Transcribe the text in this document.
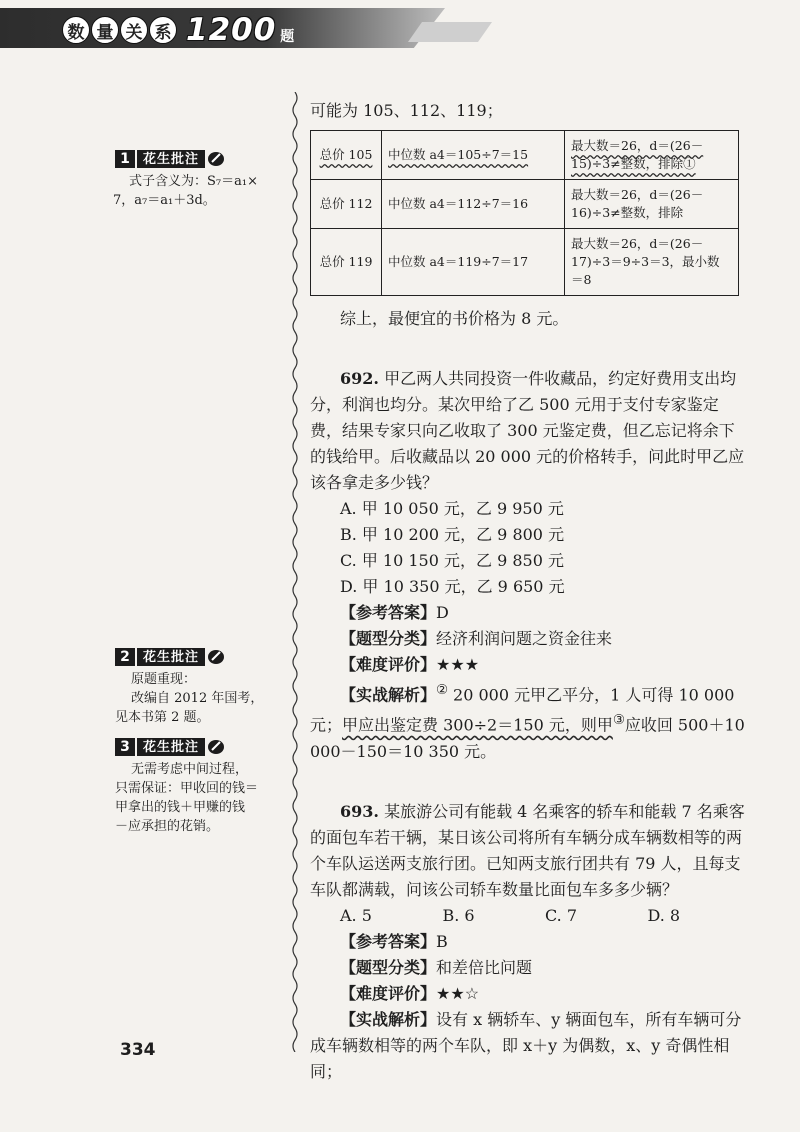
数 量 关 系 1200 题
1	花生批注
式子含义为：S₇＝a₁×
7，a₇＝a₁＋3d。
2	花生批注
原题重现：
改编自 2012 年国考，
见本书第 2 题。
3	花生批注
无需考虑中间过程，
只需保证：甲收回的钱＝
甲拿出的钱＋甲赚的钱
－应承担的花销。
可能为 105、112、119；
总价 105	中位数 a4＝105÷7＝15	最大数＝26，d＝(26－15)÷3≠整数，排除①
总价 112	中位数 a4＝112÷7＝16	最大数＝26，d＝(26－16)÷3≠整数，排除
总价 119	中位数 a4＝119÷7＝17	最大数＝26，d＝(26－17)÷3＝9÷3＝3，最小数＝8
综上，最便宜的书价格为 8 元。
692. 甲乙两人共同投资一件收藏品，约定好费用支出均分，利润也均分。某次甲给了乙 500 元用于支付专家鉴定费，结果专家只向乙收取了 300 元鉴定费，但乙忘记将余下的钱给甲。后收藏品以 20 000 元的价格转手，问此时甲乙应该各拿走多少钱？
A. 甲 10 050 元，乙 9 950 元
B. 甲 10 200 元，乙 9 800 元
C. 甲 10 150 元，乙 9 850 元
D. 甲 10 350 元，乙 9 650 元
【参考答案】D
【题型分类】经济利润问题之资金往来
【难度评价】★★★
【实战解析】② 20 000 元甲乙平分，1 人可得 10 000 元；甲应出鉴定费 300÷2＝150 元，则甲③应收回 500＋10 000－150＝10 350 元。
693. 某旅游公司有能载 4 名乘客的轿车和能载 7 名乘客的面包车若干辆，某日该公司将所有车辆分成车辆数相等的两个车队运送两支旅行团。已知两支旅行团共有 79 人，且每支车队都满载，问该公司轿车数量比面包车多多少辆？
A. 5	B. 6	C. 7	D. 8
【参考答案】B
【题型分类】和差倍比问题
【难度评价】★★☆
【实战解析】设有 x 辆轿车、y 辆面包车，所有车辆可分成车辆数相等的两个车队，即 x＋y 为偶数，x、y 奇偶性相同；
334
